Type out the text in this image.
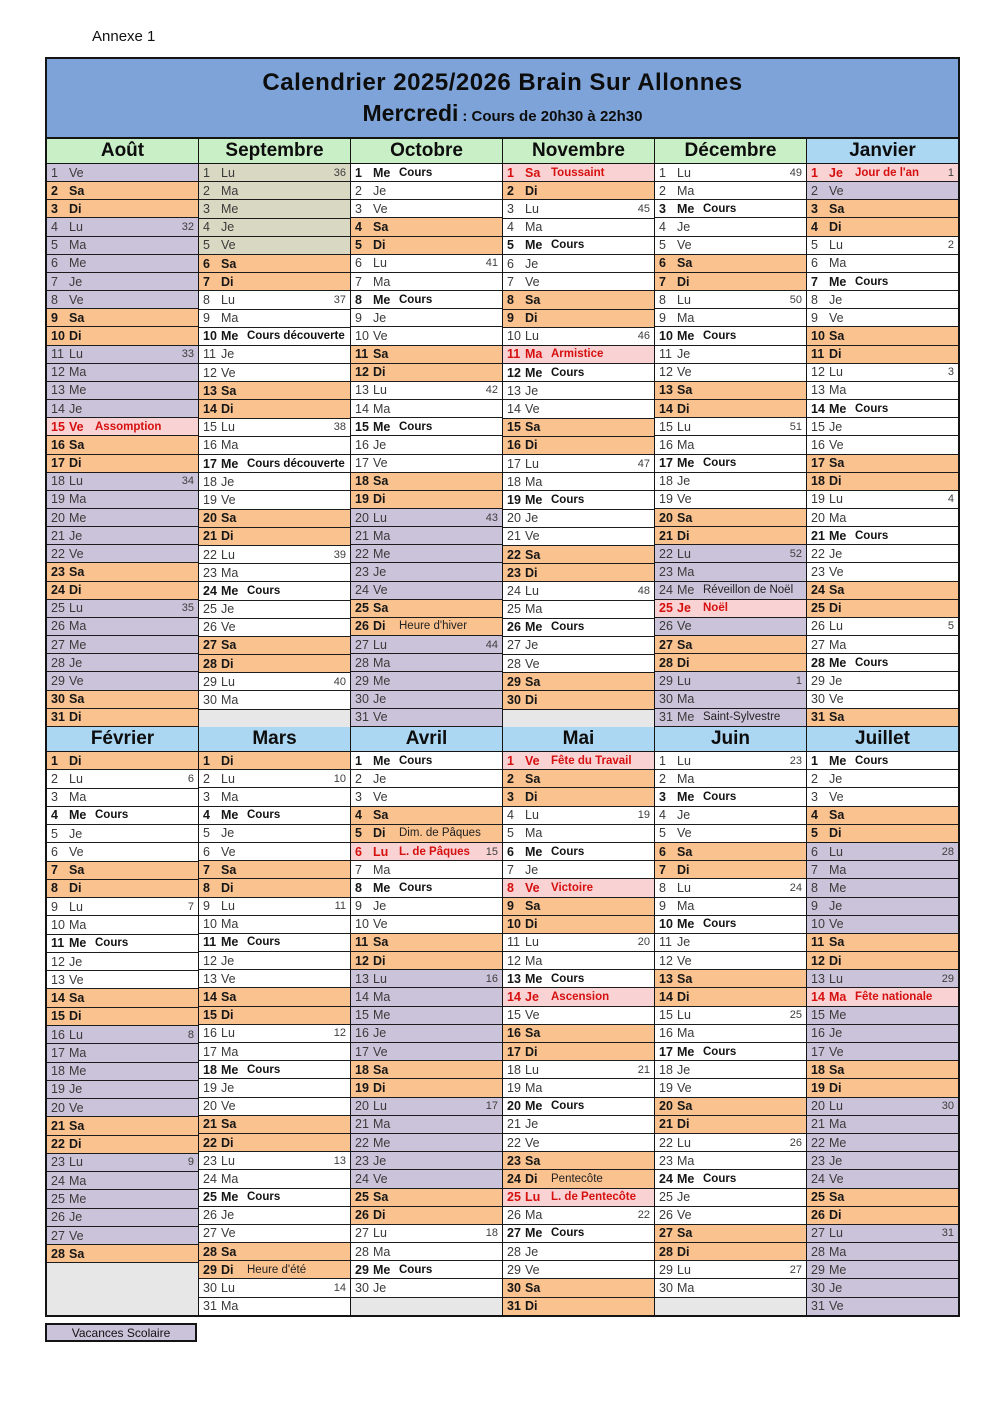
Annexe 1
Calendrier 2025/2026 Brain Sur Allonnes
Mercredi : Cours de 20h30 à 22h30
Août
1 Ve
2 Sa
3 Di
4 Lu	32
5 Ma
6 Me
7 Je
8 Ve
9 Sa
10 Di
11 Lu	33
12 Ma
13 Me
14 Je
15 Ve Assomption
16 Sa
17 Di
18 Lu	34
19 Ma
20 Me
21 Je
22 Ve
23 Sa
24 Di
25 Lu	35
26 Ma
27 Me
28 Je
29 Ve
30 Sa
31 Di
Septembre
1 Lu	36
2 Ma
3 Me
4 Je
5 Ve
6 Sa
7 Di
8 Lu	37
9 Ma
10 Me Cours découverte
11 Je
12 Ve
13 Sa
14 Di
15 Lu	38
16 Ma
17 Me Cours découverte
18 Je
19 Ve
20 Sa
21 Di
22 Lu	39
23 Ma
24 Me Cours
25 Je
26 Ve
27 Sa
28 Di
29 Lu	40
30 Ma
Octobre
1 Me Cours
2 Je
3 Ve
4 Sa
5 Di
6 Lu	41
7 Ma
8 Me Cours
9 Je
10 Ve
11 Sa
12 Di
13 Lu	42
14 Ma
15 Me Cours
16 Je
17 Ve
18 Sa
19 Di
20 Lu	43
21 Ma
22 Me
23 Je
24 Ve
25 Sa
26 Di	Heure d'hiver
27 Lu	44
28 Ma
29 Me
30 Je
31 Ve
Novembre
1 Sa Toussaint
2 Di
3 Lu	45
4 Ma
5 Me Cours
6 Je
7 Ve
8 Sa
9 Di
10 Lu	46
11 Ma Armistice
12 Me Cours
13 Je
14 Ve
15 Sa
16 Di
17 Lu	47
18 Ma
19 Me Cours
20 Je
21 Ve
22 Sa
23 Di
24 Lu	48
25 Ma
26 Me Cours
27 Je
28 Ve
29 Sa
30 Di
Décembre
1 Lu	49
2 Ma
3 Me Cours
4 Je
5 Ve
6 Sa
7 Di
8 Lu	50
9 Ma
10 Me Cours
11 Je
12 Ve
13 Sa
14 Di
15 Lu	51
16 Ma
17 Me Cours
18 Je
19 Ve
20 Sa
21 Di
22 Lu	52
23 Ma
24 Me Réveillon de Noël
25 Je	Noël
26 Ve
27 Sa
28 Di
29 Lu	1
30 Ma
31 Me Saint-Sylvestre
Janvier
1 Je	Jour de l'an	1
2 Ve
3 Sa
4 Di
5 Lu	2
6 Ma
7 Me Cours
8 Je
9 Ve
10 Sa
11 Di
12 Lu	3
13 Ma
14 Me Cours
15 Je
16 Ve
17 Sa
18 Di
19 Lu	4
20 Ma
21 Me Cours
22 Je
23 Ve
24 Sa
25 Di
26 Lu	5
27 Ma
28 Me Cours
29 Je
30 Ve
31 Sa
Février
1 Di
2 Lu	6
3 Ma
4 Me Cours
5 Je
6 Ve
7 Sa
8 Di
9 Lu	7
10 Ma
11 Me Cours
12 Je
13 Ve
14 Sa
15 Di
16 Lu	8
17 Ma
18 Me
19 Je
20 Ve
21 Sa
22 Di
23 Lu	9
24 Ma
25 Me
26 Je
27 Ve
28 Sa
Mars
1 Di
2 Lu	10
3 Ma
4 Me Cours
5 Je
6 Ve
7 Sa
8 Di
9 Lu	11
10 Ma
11 Me Cours
12 Je
13 Ve
14 Sa
15 Di
16 Lu	12
17 Ma
18 Me Cours
19 Je
20 Ve
21 Sa
22 Di
23 Lu	13
24 Ma
25 Me Cours
26 Je
27 Ve
28 Sa
29 Di	Heure d'été
30 Lu	14
31 Ma
Avril
1 Me Cours
2 Je
3 Ve
4 Sa
5 Di	Dim. de Pâques
6 Lu L. de Pâques 15
7 Ma
8 Me Cours
9 Je
10 Ve
11 Sa
12 Di
13 Lu	16
14 Ma
15 Me
16 Je
17 Ve
18 Sa
19 Di
20 Lu	17
21 Ma
22 Me
23 Je
24 Ve
25 Sa
26 Di
27 Lu	18
28 Ma
29 Me Cours
30 Je
Mai
1 Ve Fête du Travail
2 Sa
3 Di
4 Lu	19
5 Ma
6 Me Cours
7 Je
8 Ve Victoire
9 Sa
10 Di
11 Lu	20
12 Ma
13 Me Cours
14 Je	Ascension
15 Ve
16 Sa
17 Di
18 Lu	21
19 Ma
20 Me Cours
21 Je
22 Ve
23 Sa
24 Di	Pentecôte
25 Lu L. de Pentecôte
26 Ma	22
27 Me Cours
28 Je
29 Ve
30 Sa
31 Di
Juin
1 Lu	23
2 Ma
3 Me Cours
4 Je
5 Ve
6 Sa
7 Di
8 Lu	24
9 Ma
10 Me Cours
11 Je
12 Ve
13 Sa
14 Di
15 Lu	25
16 Ma
17 Me Cours
18 Je
19 Ve
20 Sa
21 Di
22 Lu	26
23 Ma
24 Me Cours
25 Je
26 Ve
27 Sa
28 Di
29 Lu	27
30 Ma
Juillet
1 Me Cours
2 Je
3 Ve
4 Sa
5 Di
6 Lu	28
7 Ma
8 Me
9 Je
10 Ve
11 Sa
12 Di
13 Lu	29
14 Ma Fête nationale
15 Me
16 Je
17 Ve
18 Sa
19 Di
20 Lu	30
21 Ma
22 Me
23 Je
24 Ve
25 Sa
26 Di
27 Lu	31
28 Ma
29 Me
30 Je
31 Ve
Vacances Scolaire
